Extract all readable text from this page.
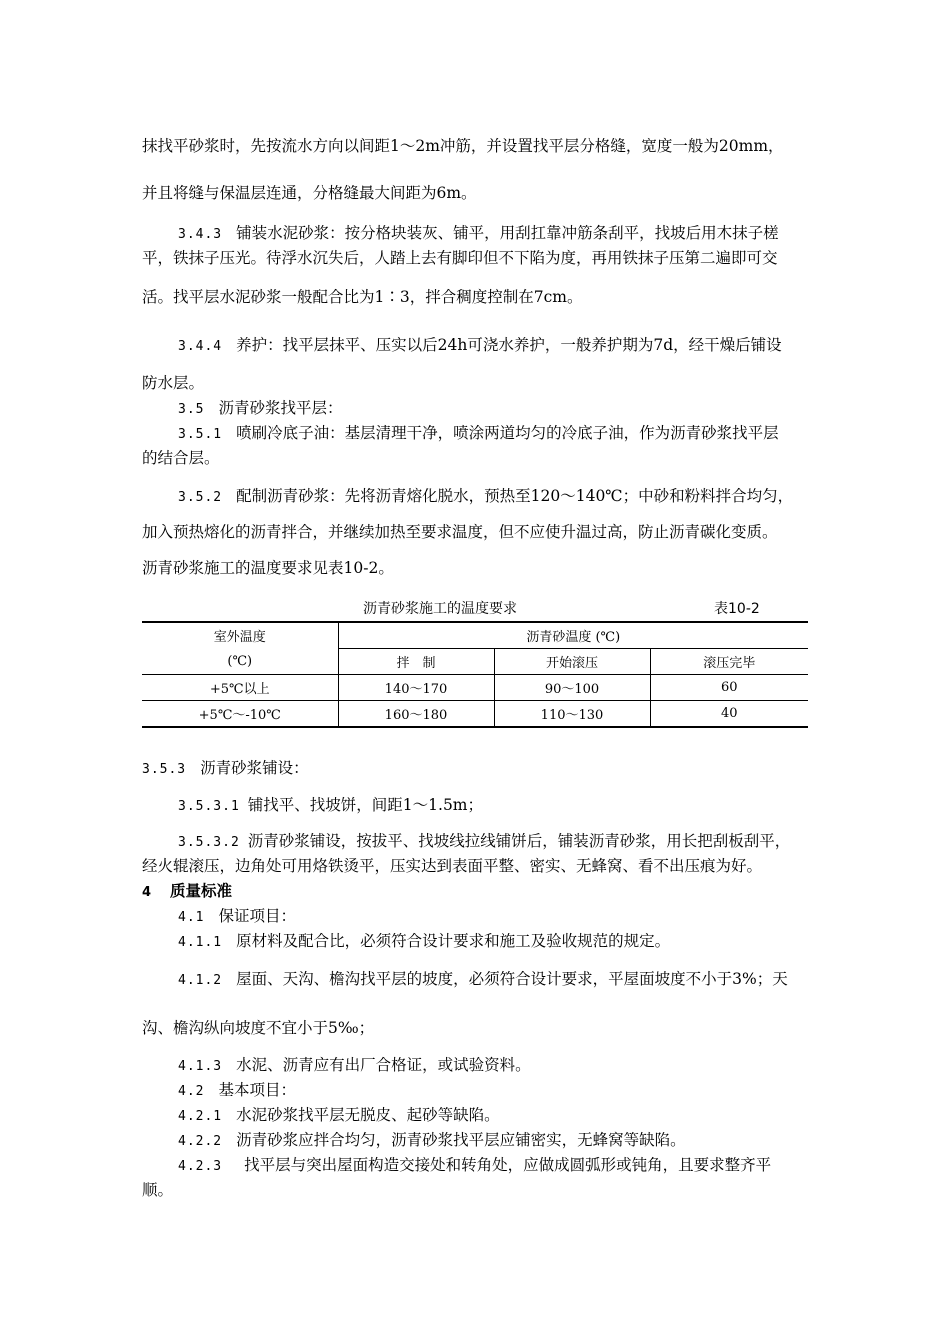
抹找平砂浆时，先按流水方向以间距1～2m冲筋，并设置找平层分格缝，宽度一般为20mm，
并且将缝与保温层连通，分格缝最大间距为6m。
3.4.3 铺装水泥砂浆：按分格块装灰、铺平，用刮扛靠冲筋条刮平，找坡后用木抹子槎
平，铁抹子压光。待浮水沉失后，人踏上去有脚印但不下陷为度，再用铁抹子压第二遍即可交
活。找平层水泥砂浆一般配合比为1∶3，拌合稠度控制在7cm。
3.4.4 养护：找平层抹平、压实以后24h可浇水养护，一般养护期为7d，经干燥后铺设
防水层。
3.5 沥青砂浆找平层：
3.5.1 喷刷冷底子油：基层清理干净，喷涂两道均匀的冷底子油，作为沥青砂浆找平层
的结合层。
3.5.2 配制沥青砂浆：先将沥青熔化脱水，预热至120～140℃；中砂和粉料拌合均匀，
加入预热熔化的沥青拌合，并继续加热至要求温度，但不应使升温过高，防止沥青碳化变质。
沥青砂浆施工的温度要求见表10-2。
沥青砂浆施工的温度要求	表10-2
室外温度	沥青砂温度 (℃)		
(℃)	拌　制	开始滚压	滚压完毕
+5℃以上	140～170	90～100	60
+5℃～-10℃	160～180	110～130	40
3.5.3 沥青砂浆铺设：
3.5.3.1 铺找平、找坡饼，间距1～1.5m；
3.5.3.2 沥青砂浆铺设，按拔平、找坡线拉线铺饼后，铺装沥青砂浆，用长把刮板刮平，
经火辊滚压，边角处可用烙铁烫平，压实达到表面平整、密实、无蜂窝、看不出压痕为好。
4 质量标准
4.1 保证项目：
4.1.1 原材料及配合比，必须符合设计要求和施工及验收规范的规定。
4.1.2 屋面、天沟、檐沟找平层的坡度，必须符合设计要求，平屋面坡度不小于3%；天
沟、檐沟纵向坡度不宜小于5‰；
4.1.3 水泥、沥青应有出厂合格证，或试验资料。
4.2 基本项目：
4.2.1 水泥砂浆找平层无脱皮、起砂等缺陷。
4.2.2 沥青砂浆应拌合均匀，沥青砂浆找平层应铺密实，无蜂窝等缺陷。
4.2.3 找平层与突出屋面构造交接处和转角处，应做成圆弧形或钝角，且要求整齐平
顺。
